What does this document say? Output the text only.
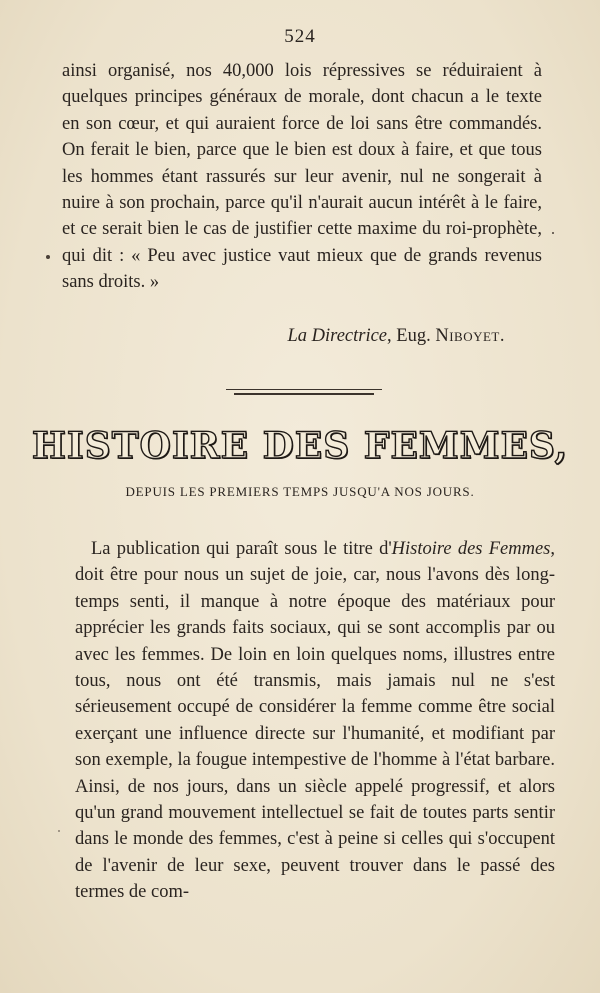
524

ainsi organisé, nos 40,000 lois répressives se réduiraient à quelques principes généraux de morale, dont chacun a le texte en son cœur, et qui auraient force de loi sans être commandés. On ferait le bien, parce que le bien est doux à faire, et que tous les hommes étant rassurés sur leur avenir, nul ne songerait à nuire à son prochain, parce qu'il n'aurait aucun intérêt à le faire, et ce serait bien le cas de justifier cette maxime du roi-prophète, qui dit : « Peu avec justice vaut mieux que de grands revenus sans droits. »

La Directrice, Eug. Niboyet.
HISTOIRE DES FEMMES,
DEPUIS LES PREMIERS TEMPS JUSQU'A NOS JOURS.

La publication qui paraît sous le titre d'Histoire des Femmes, doit être pour nous un sujet de joie, car, nous l'avons dès long-temps senti, il manque à notre époque des matériaux pour apprécier les grands faits sociaux, qui se sont accomplis par ou avec les femmes. De loin en loin quelques noms, illustres entre tous, nous ont été transmis, mais jamais nul ne s'est sérieusement occupé de considérer la femme comme être social exerçant une influence directe sur l'humanité, et modifiant par son exemple, la fougue intempestive de l'homme à l'état barbare. Ainsi, de nos jours, dans un siècle appelé progressif, et alors qu'un grand mouvement intellectuel se fait de toutes parts sentir dans le monde des femmes, c'est à peine si celles qui s'occupent de l'avenir de leur sexe, peuvent trouver dans le passé des termes de com-
